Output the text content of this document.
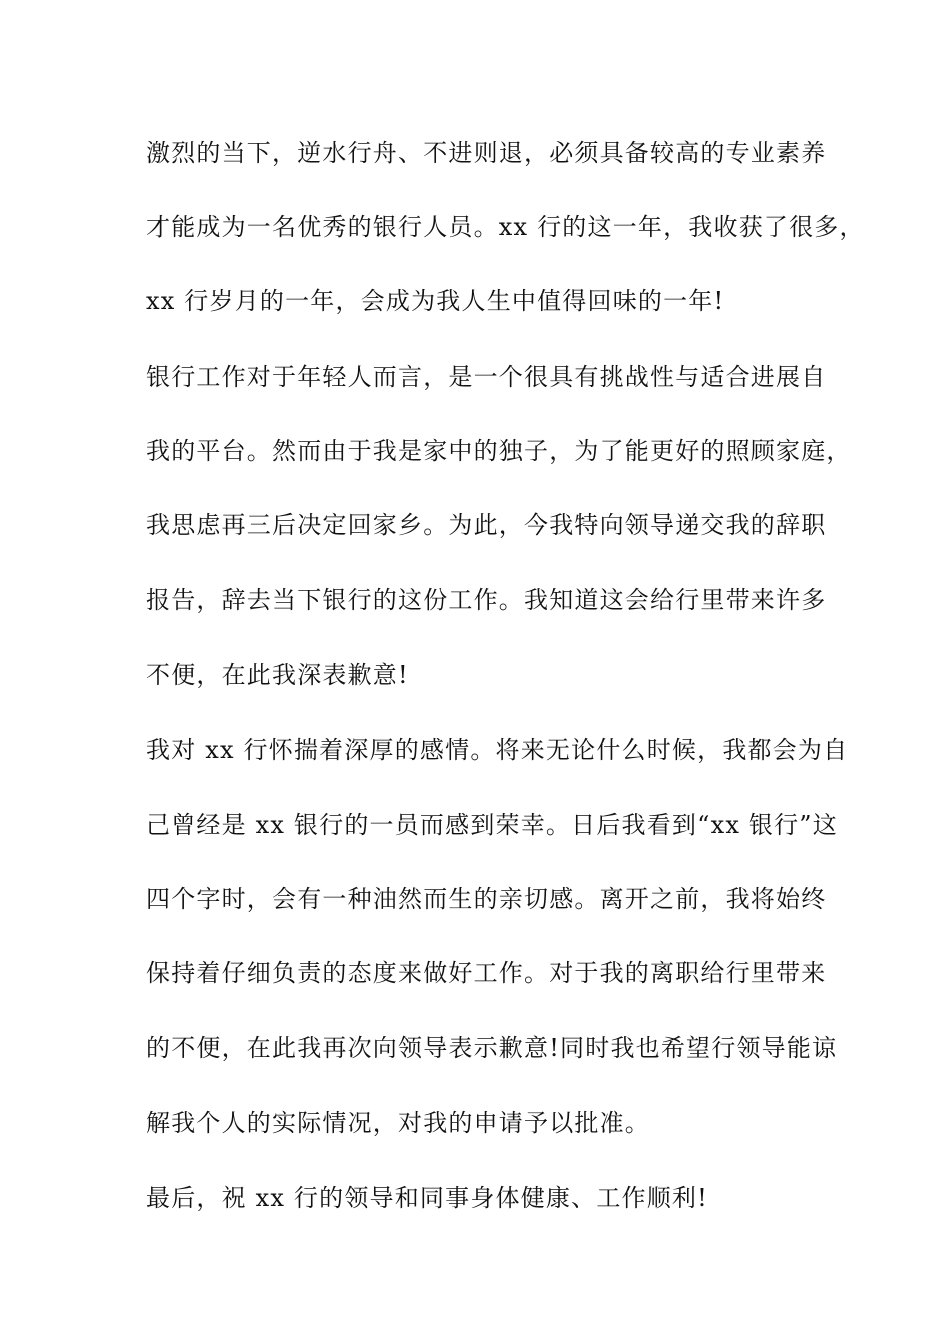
激烈的当下，逆水行舟、不进则退，必须具备较高的专业素养
才能成为一名优秀的银行人员。xx 行的这一年，我收获了很多，
xx 行岁月的一年，会成为我人生中值得回味的一年!
银行工作对于年轻人而言，是一个很具有挑战性与适合进展自
我的平台。然而由于我是家中的独子，为了能更好的照顾家庭，
我思虑再三后决定回家乡。为此，今我特向领导递交我的辞职
报告，辞去当下银行的这份工作。我知道这会给行里带来许多
不便，在此我深表歉意!
我对 xx 行怀揣着深厚的感情。将来无论什么时候，我都会为自
己曾经是 xx 银行的一员而感到荣幸。日后我看到“xx 银行”这
四个字时，会有一种油然而生的亲切感。离开之前，我将始终
保持着仔细负责的态度来做好工作。对于我的离职给行里带来
的不便，在此我再次向领导表示歉意!同时我也希望行领导能谅
解我个人的实际情况，对我的申请予以批准。
最后，祝 xx 行的领导和同事身体健康、工作顺利!
